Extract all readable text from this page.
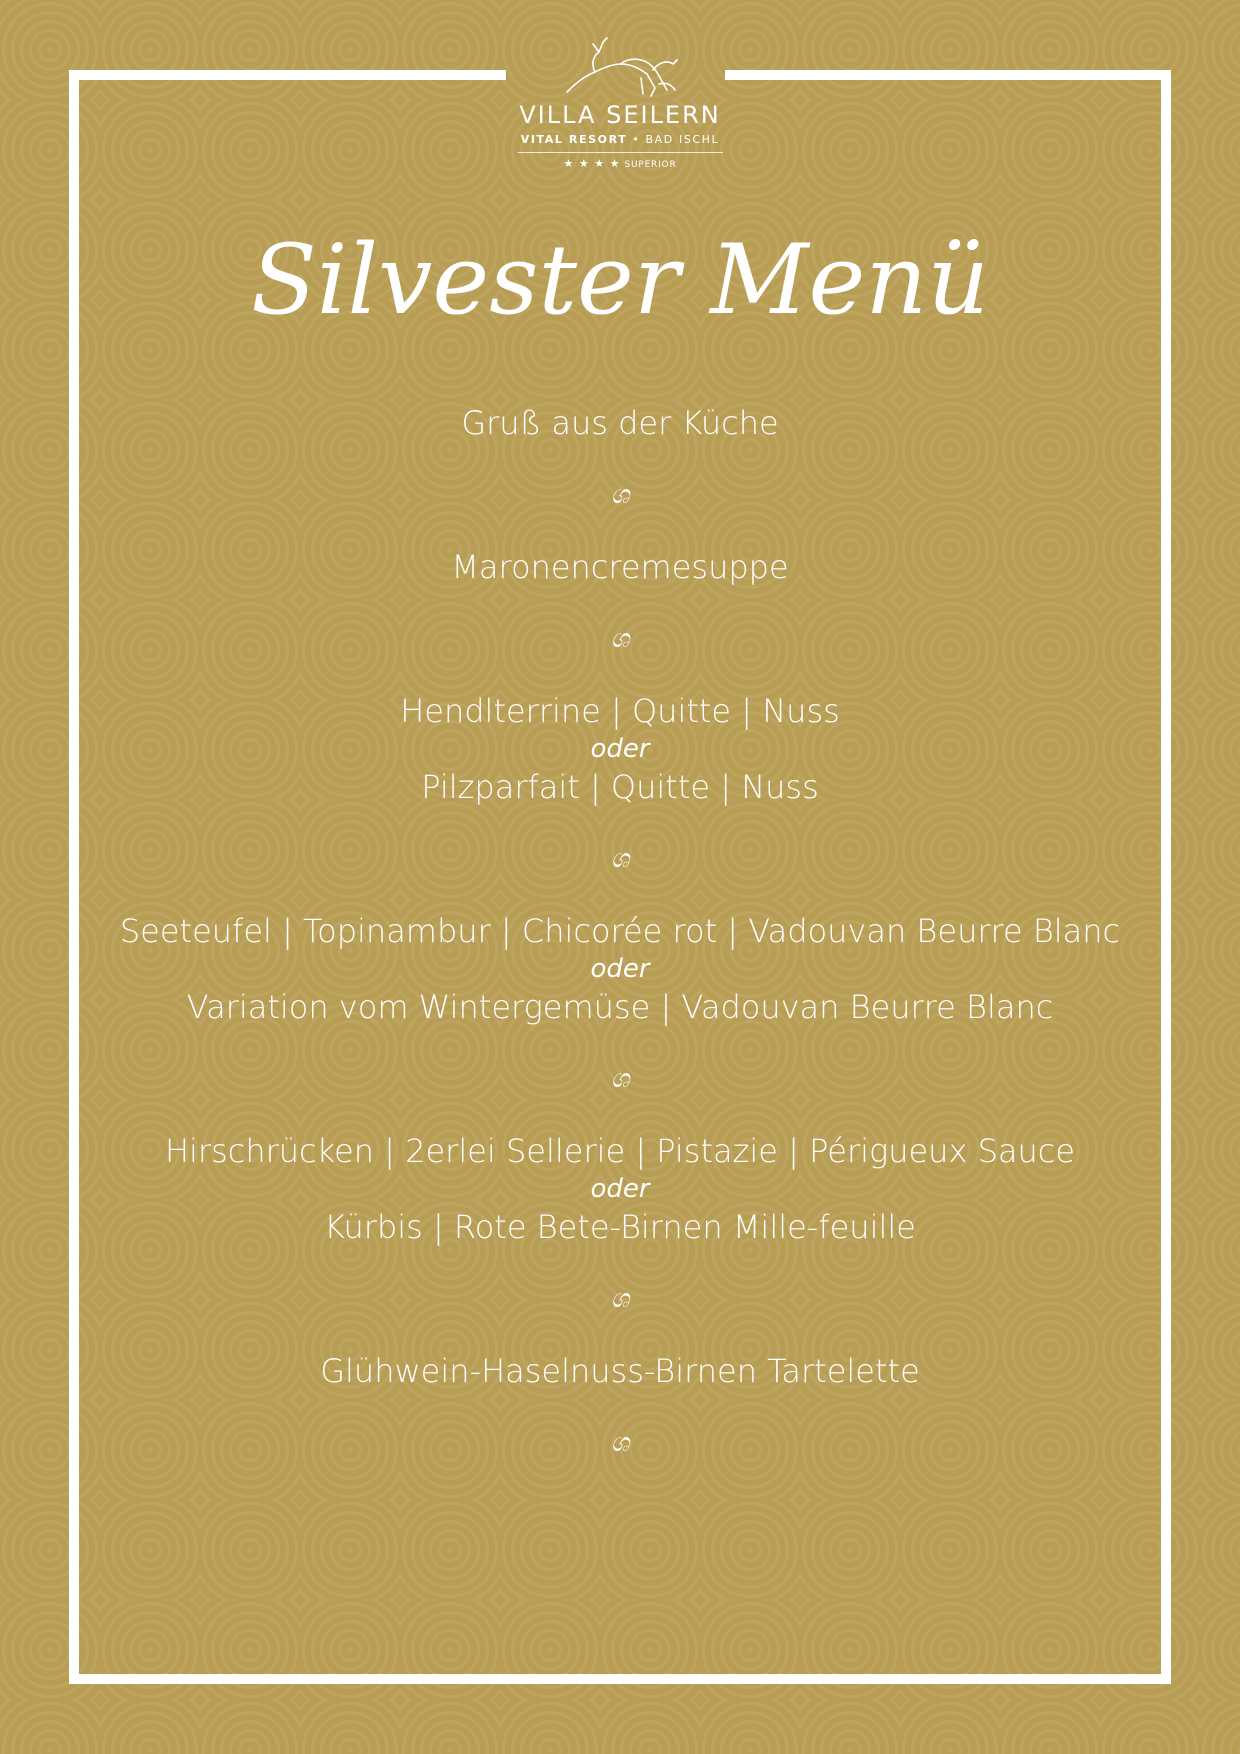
VILLA SEILERN
VITAL RESORT • BAD ISCHL
★ ★ ★ ★ SUPERIOR
Silvester Menü
Gruß aus der Küche
ශ
Maronencremesuppe
ශ
Hendlterrine | Quitte | Nuss
oder
Pilzparfait | Quitte | Nuss
ශ
Seeteufel | Topinambur | Chicorée rot | Vadouvan Beurre Blanc
oder
Variation vom Wintergemüse | Vadouvan Beurre Blanc
ශ
Hirschrücken | 2erlei Sellerie | Pistazie | Périgueux Sauce
oder
Kürbis | Rote Bete-Birnen Mille-feuille
ශ
Glühwein-Haselnuss-Birnen Tartelette
ශ
